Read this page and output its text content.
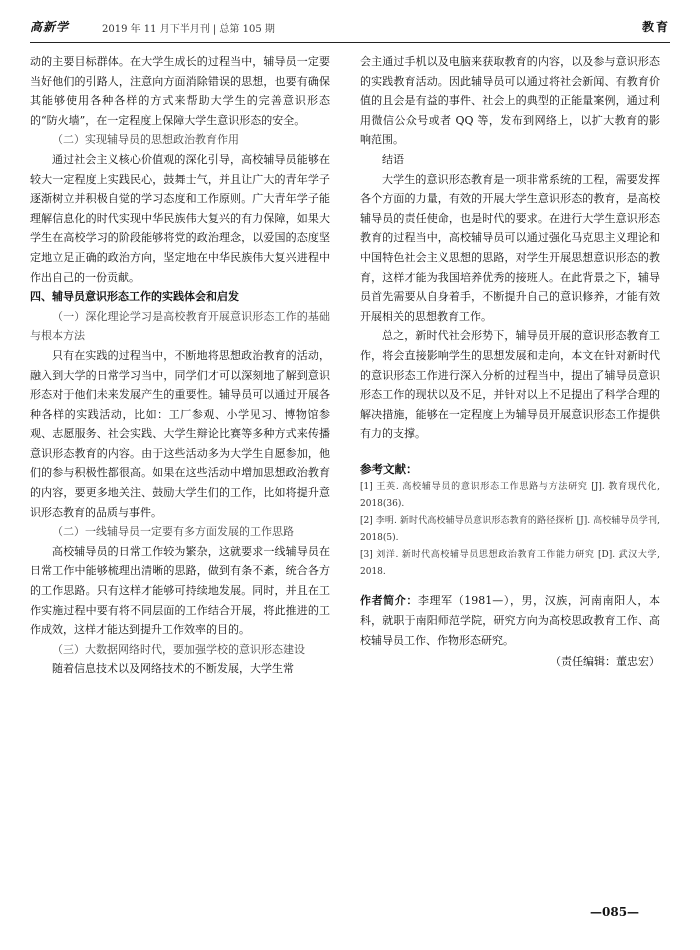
高新学	2019 年 11 月下半月刊 | 总第 105 期	教育

动的主要目标群体。在大学生成长的过程当中，辅导员一定要当好他们的引路人，注意向方面消除错误的思想，也要有确保其能够使用各种各样的方式来帮助大学生的完善意识形态的“防火墙”，在一定程度上保障大学生意识形态的安全。

（二）实现辅导员的思想政治教育作用

通过社会主义核心价值观的深化引导，高校辅导员能够在较大一定程度上实践民心，鼓舞士气，并且让广大的青年学子逐渐树立并积极自觉的学习态度和工作原则。广大青年学子能理解信息化的时代实现中华民族伟大复兴的有力保障，如果大学生在高校学习的阶段能够将党的政治理念，以爱国的态度坚定地立足正确的政治方向，坚定地在中华民族伟大复兴进程中作出自己的一份贡献。

四、辅导员意识形态工作的实践体会和启发

（一）深化理论学习是高校教育开展意识形态工作的基础与根本方法

只有在实践的过程当中，不断地将思想政治教育的活动，融入到大学的日常学习当中，同学们才可以深刻地了解到意识形态对于他们未来发展产生的重要性。辅导员可以通过开展各种各样的实践活动，比如：工厂参观、小学见习、博物馆参观、志愿服务、社会实践、大学生辩论比赛等多种方式来传播意识形态教育的内容。由于这些活动多为大学生自愿参加，他们的参与积极性都很高。如果在这些活动中增加思想政治教育的内容，要更多地关注、鼓励大学生们的工作，比如将提升意识形态教育的品质与事件。

（二）一线辅导员一定要有多方面发展的工作思路

高校辅导员的日常工作较为繁杂，这就要求一线辅导员在日常工作中能够梳理出清晰的思路，做到有条不紊，统合各方的工作思路。只有这样才能够可持续地发展。同时，并且在工作实施过程中要有将不同层面的工作结合开展，将此推进的工作成效，这样才能达到提升工作效率的目的。

（三）大数据网络时代，要加强学校的意识形态建设

随着信息技术以及网络技术的不断发展，大学生常

会主通过手机以及电脑来获取教育的内容，以及参与意识形态的实践教育活动。因此辅导员可以通过将社会新闻、有教育价值的且会是有益的事件、社会上的典型的正能量案例，通过利用微信公众号或者 QQ 等，发布到网络上，以扩大教育的影响范围。

结语

大学生的意识形态教育是一项非常系统的工程，需要发挥各个方面的力量，有效的开展大学生意识形态的教育，是高校辅导员的责任使命，也是时代的要求。在进行大学生意识形态教育的过程当中，高校辅导员可以通过强化马克思主义理论和中国特色社会主义思想的思路，对学生开展思想意识形态的教育，这样才能为我国培养优秀的接班人。在此背景之下，辅导员首先需要从自身着手，不断提升自己的意识修养，才能有效开展相关的思想教育工作。

总之，新时代社会形势下，辅导员开展的意识形态教育工作，将会直接影响学生的思想发展和走向，本文在针对新时代的意识形态工作进行深入分析的过程当中，提出了辅导员意识形态工作的现状以及不足，并针对以上不足提出了科学合理的解决措施，能够在一定程度上为辅导员开展意识形态工作提供有力的支撑。

参考文献：

[1] 王英. 高校辅导员的意识形态工作思路与方法研究 [J]. 教育现代化, 2018(36).

[2] 李明. 新时代高校辅导员意识形态教育的路径探析 [J]. 高校辅导员学刊, 2018(5).

[3] 刘洋. 新时代高校辅导员思想政治教育工作能力研究 [D]. 武汉大学, 2018.

作者简介：李理军（1981—），男，汉族，河南南阳人，本科，就职于南阳师范学院，研究方向为高校思政教育工作、高校辅导员工作、作物形态研究。

（责任编辑：董忠宏）

—085—
